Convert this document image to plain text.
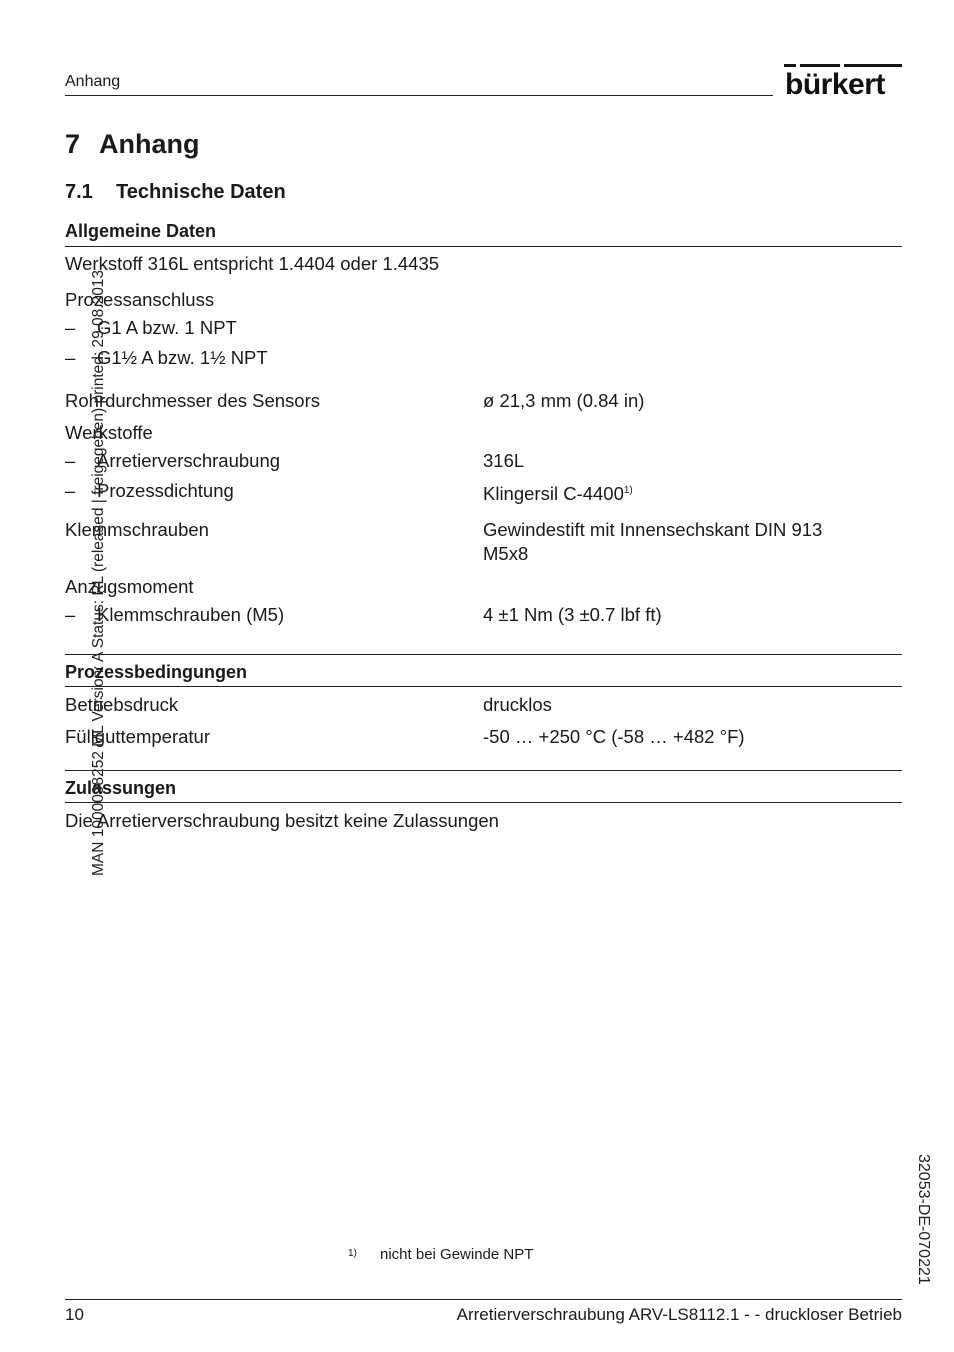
Anhang	bürkert
7 Anhang
7.1 Technische Daten
Allgemeine Daten
Werkstoff 316L entspricht 1.4404 oder 1.4435
Prozessanschluss
– G1 A bzw. 1 NPT
– G1½ A bzw. 1½ NPT
Rohrdurchmesser des Sensors	ø 21,3 mm (0.84 in)
Werkstoffe
– Arretierverschraubung	316L
– Prozessdichtung	Klingersil C-4400$^{1)}$
Klemmschrauben	Gewindestift mit Innensechskant DIN 913
M5x8
Anzugsmoment
– Klemmschrauben (M5)	4 ±1 Nm (3 ±0.7 lbf ft)
Prozessbedingungen
Betriebsdruck	drucklos
Füllguttemperatur	-50 … +250 °C (-58 … +482 °F)
Zulassungen
Die Arretierverschraubung besitzt keine Zulassungen
MAN 1000098252 ML Version: A Status: RL (released | freigegeben) printed: 29.08.2013
32053-DE-070221
1) nicht bei Gewinde NPT
10	Arretierverschraubung ARV-LS8112.1 - - druckloser Betrieb
